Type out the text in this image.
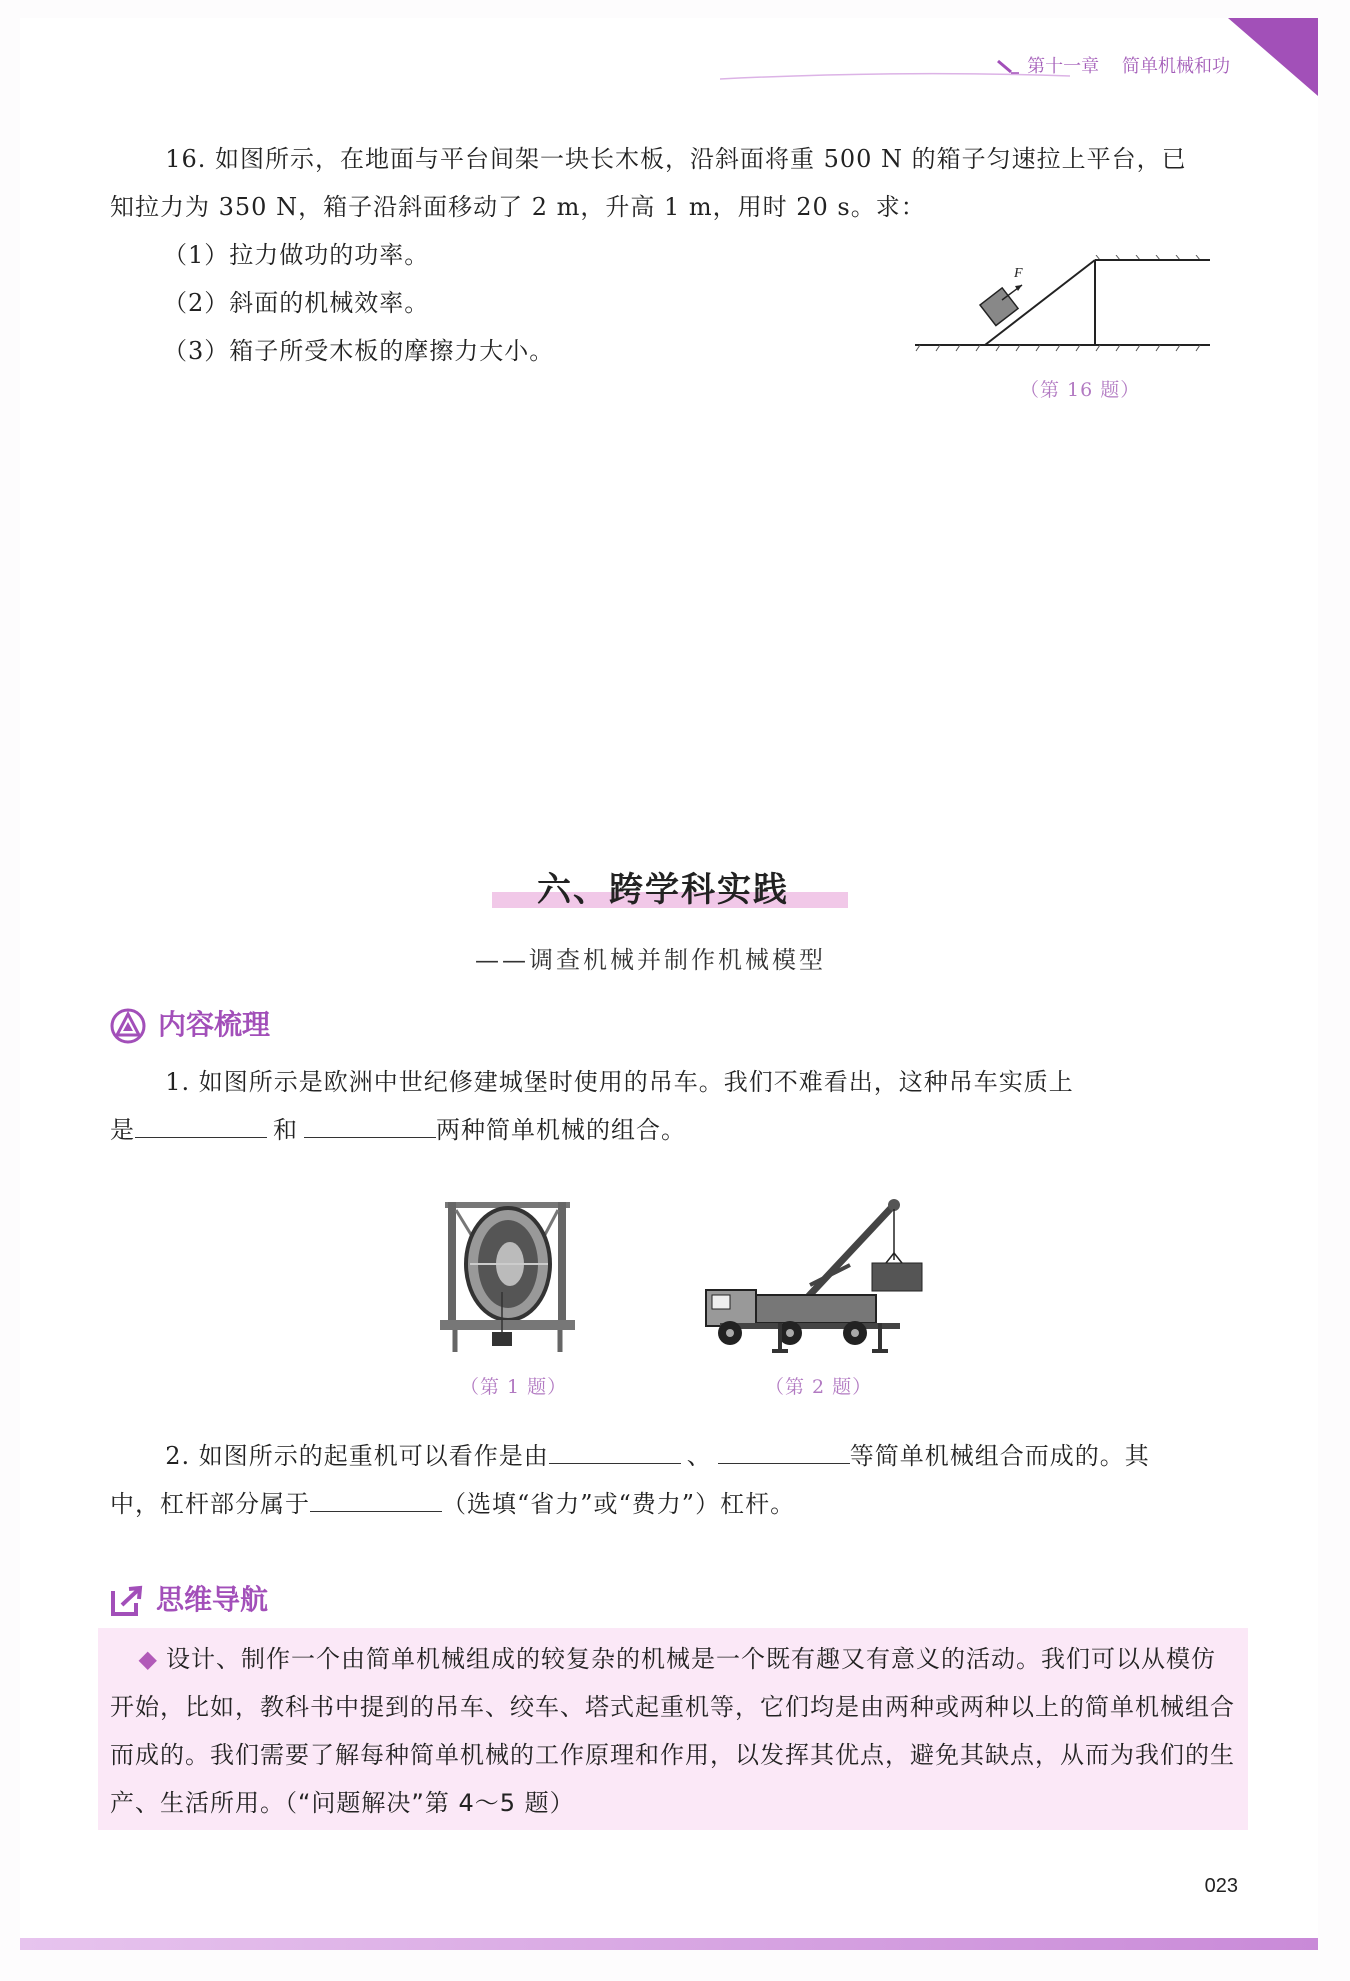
第十一章 简单机械和功
16. 如图所示，在地面与平台间架一块长木板，沿斜面将重 500 N 的箱子匀速拉上平台，已
知拉力为 350 N，箱子沿斜面移动了 2 m，升高 1 m，用时 20 s。求：
（1）拉力做功的功率。
（2）斜面的机械效率。
（3）箱子所受木板的摩擦力大小。
F
（第 16 题）
六、跨学科实践
——调查机械并制作机械模型
内容梳理
1. 如图所示是欧洲中世纪修建城堡时使用的吊车。我们不难看出，这种吊车实质上
是	和	两种简单机械的组合。
（第 1 题）	（第 2 题）
2. 如图所示的起重机可以看作是由	、	等简单机械组合而成的。其
中，杠杆部分属于	（选填“省力”或“费力”）杠杆。
思维导航
◆ 设计、制作一个由简单机械组成的较复杂的机械是一个既有趣又有意义的活动。我们可以从模仿开始，比如，教科书中提到的吊车、绞车、塔式起重机等，它们均是由两种或两种以上的简单机械组合而成的。我们需要了解每种简单机械的工作原理和作用，以发挥其优点，避免其缺点，从而为我们的生产、生活所用。（“问题解决”第 4～5 题）
023
